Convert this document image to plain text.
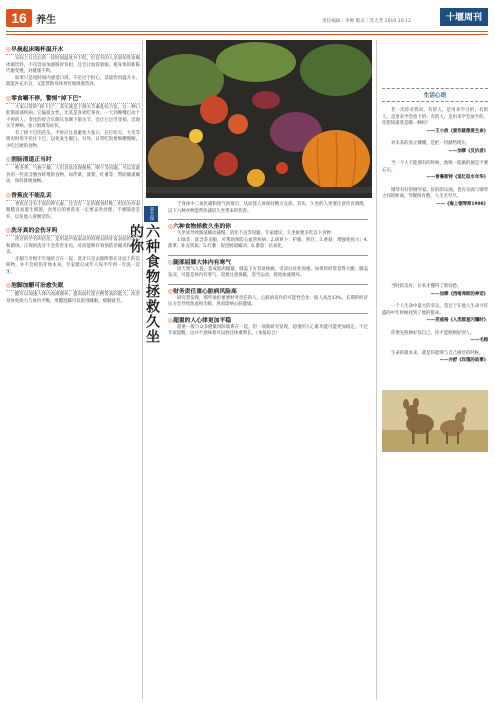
16 养生	责任编辑｜李帅 版式｜苏大芳 2019.10.12	十堰周刊
养生保健
六种食物拯救久坐的你
◎早晨起床喝杯温开水

实际上日出后的一段时间温度并不低，但是有的人早晨却喜欢喝冰镇饮料，不仅容易加重肠胃负担，还会让血管收缩，使身体的新陈代谢变慢，对健康不利。

如果只是短时间内感觉口渴，不必过于担心，适量饮用温开水，既能补充水分，又能帮助身体更好地吸收营养。

◎零食嚼不停，警惕“掉下巴”

大家日常的“掉下巴”，其实就是下颌关节紊乱综合征，这一种口腔颌面部疾病。它偏爱女性，尤其是喜欢吃零食、一天到晚嘴巴动个不停的人。变化的咬合长期压迫颞下颌关节，会让它过劳受损，出现关节弹响、张口困难等症状。

有了掉下巴的苗头，平时应注意避免大张口，在打哈欠、大笑等情况时用手托住下巴，以免发生脱臼。另外，日常吃饭要细嚼慢咽，少吃过硬的食物。

◎润肠清道正当时

秋冬季，气候干燥，人们容易出现便秘、咽干等问题。可以适量食用一些富含膳食纤维的食物，如芹菜、菠菜、红薯等，帮助肠道蠕动，保持排便通畅。

◎香蕉皮不能乱丢

香蕉皮含有丰富的钾元素，还含有一定的膳食纤维，但因为外表粗糙容易滋生细菌，食用后的香蕉皮一定要妥善处理，不要随意丢弃，以免他人滑倒受伤。

◎洗牙真的会伤牙吗

洗牙的学名叫洁治，是用超声波震动的原理去除牙齿表面的牙石和菌斑。正规的洗牙不会伤害牙齿，反而能够有效预防牙龈炎和牙周炎。

牙龈与牙根牢牢地结合在一起，洗牙只是去除附着在牙面上的沉积物，并不会损伤牙体本身。专家建议成年人每半年到一年洗一次牙。

◎泡脚加醋可治愈失眠

醋可以加速人体内血液循环，提高血红蛋白携带氧的能力，改善身体免疫力与体内平衡。用醋泡脚可以促进睡眠，缓解疲劳。

于身体中二氧化碳和废气的排出，从而使人体保持精力充沛。其实，久坐的人更要注意饮食调理，以下六种食物能帮你减轻久坐带来的伤害。

◎六种食物拯救久坐的你

久坐易导致肠道蠕动减慢、消化不良等问题，专家建议，久坐族要多吃以下食物：

1.绿茶：富含茶多酚，可帮助预防心血管疾病；2.胡萝卜：护眼、明目；3.香菇：增强免疫力；4.菠菜：补充铁质；5.红薯：促进肠道蠕动；6.番茄：抗氧化。

◎腿部屈膝大体内有寒气

因天寒气入侵，造成肌肉僵紧，膝盖下方容易疼痛，受凉后症状加重。如果你经常觉得大腿、膝盖发凉，可能是体内有寒气，需要注意保暖，适当运动，促进血液循环。

◎财务责任重心脏病风险高

研究者发现，那些承担重要财务责任的人，心脏病发作的可能性会比一般人高出13%。长期的经济压力会导致焦虑和失眠，进而影响心脏健康。

◎超重的人心律更加平稳

超重一般与众多健康风险联系在一起，但一项新研究发现，超重的人心脏功能可能更加稳定。不过专家提醒，这并不意味着可以放任体重增长。（本报综合）

生活心语

若一次你对我说，有的人，是用来学习的；有的人，是用来学会放下的；有的人，是用来学会放手的。你想知道我是哪一种吗？

——王小波《爱你就像爱生命》

对未来的真正慷慨，是把一切献给现在。

——加缪《反抗者》

当一个人不能拥有的时候，他唯一能做的便是不要忘记。

——普鲁斯特《追忆似水年华》

钢琴有好的钢琴家，好的的乐曲，也有乐曲与钢琴之间的距离，琴键终有数，人生无穷尽。

——《海上钢琴师1998》

当时的美好，后来才懂得了那份愁。

——加缪《西绪弗斯的神话》

一个人生命中最大的幸运，莫过于在他人生命力旺盛的中年时候找到了他的使命。

——茨威格《人类群星闪耀时》

你要先照顾好你自己，你才能照顾好别人。

——毛姆

生命的最本来，就是你能够与自己相处的时候。

——亦舒《玫瑰的故事》
